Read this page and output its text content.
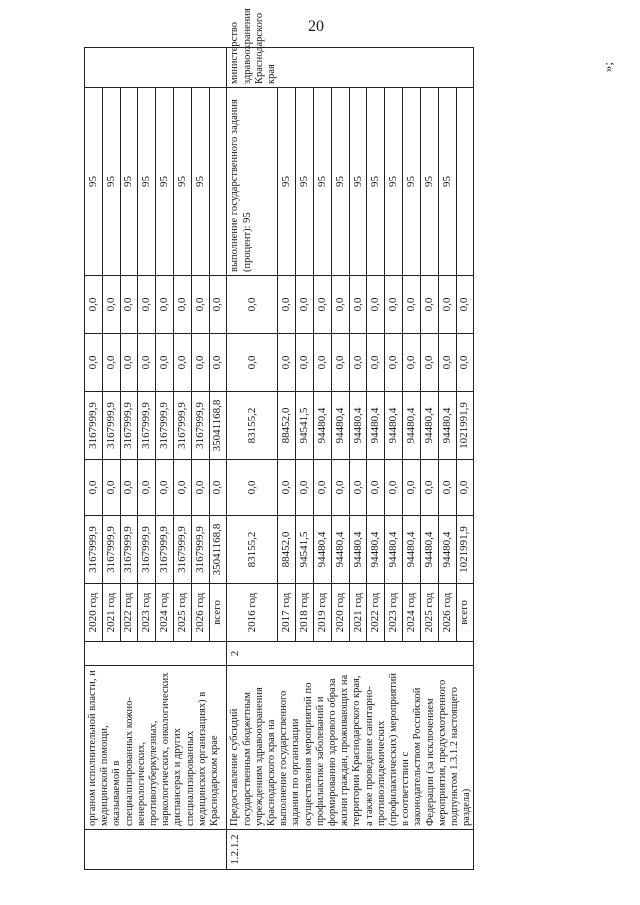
20
	органом исполнительной власти, и медицинской помощи, оказываемой в специализированных кожно-венерологических, противотуберкулезных, наркологических, онкологических диспансерах и других специализированных медицинских организациях) в Краснодарском крае		2020 год	3167999,9	0,0	3167999,9	0,0	0,0	95	
			2021 год	3167999,9	0,0	3167999,9	0,0	0,0	95	
			2022 год	3167999,9	0,0	3167999,9	0,0	0,0	95	
			2023 год	3167999,9	0,0	3167999,9	0,0	0,0	95	
			2024 год	3167999,9	0,0	3167999,9	0,0	0,0	95	
			2025 год	3167999,9	0,0	3167999,9	0,0	0,0	95	
			2026 год	3167999,9	0,0	3167999,9	0,0	0,0	95	
			всего	35041168,8	0,0	35041168,8	0,0	0,0		
1.2.1.2	Предоставление субсидий государственным бюджетным учреждениям здравоохранения Краснодарского края на выполнение государственного задания по организации осуществления мероприятий по профилактике заболеваний и формированию здорового образа жизни граждан, проживающих на территории Краснодарского края, а также проведение санитарно-противоэпидемических (профилактических) мероприятий в соответствии с законодательством Российской Федерации (за исключением мероприятия, предусмотренного подпунктом 1.3.1.2 настоящего раздела)	2	2016 год	83155,2	0,0	83155,2	0,0	0,0	выполнение государственного задания (процент): 95	министерство здравоохранения Краснодарского края
			2017 год	88452,0	0,0	88452,0	0,0	0,0	95	
			2018 год	94541,5	0,0	94541,5	0,0	0,0	95	
			2019 год	94480,4	0,0	94480,4	0,0	0,0	95	
			2020 год	94480,4	0,0	94480,4	0,0	0,0	95	
			2021 год	94480,4	0,0	94480,4	0,0	0,0	95	
			2022 год	94480,4	0,0	94480,4	0,0	0,0	95	
			2023 год	94480,4	0,0	94480,4	0,0	0,0	95	
			2024 год	94480,4	0,0	94480,4	0,0	0,0	95	
			2025 год	94480,4	0,0	94480,4	0,0	0,0	95	
			2026 год	94480,4	0,0	94480,4	0,0	0,0	95	
			всего	1021991,9	0,0	1021991,9	0,0	0,0		
»;
